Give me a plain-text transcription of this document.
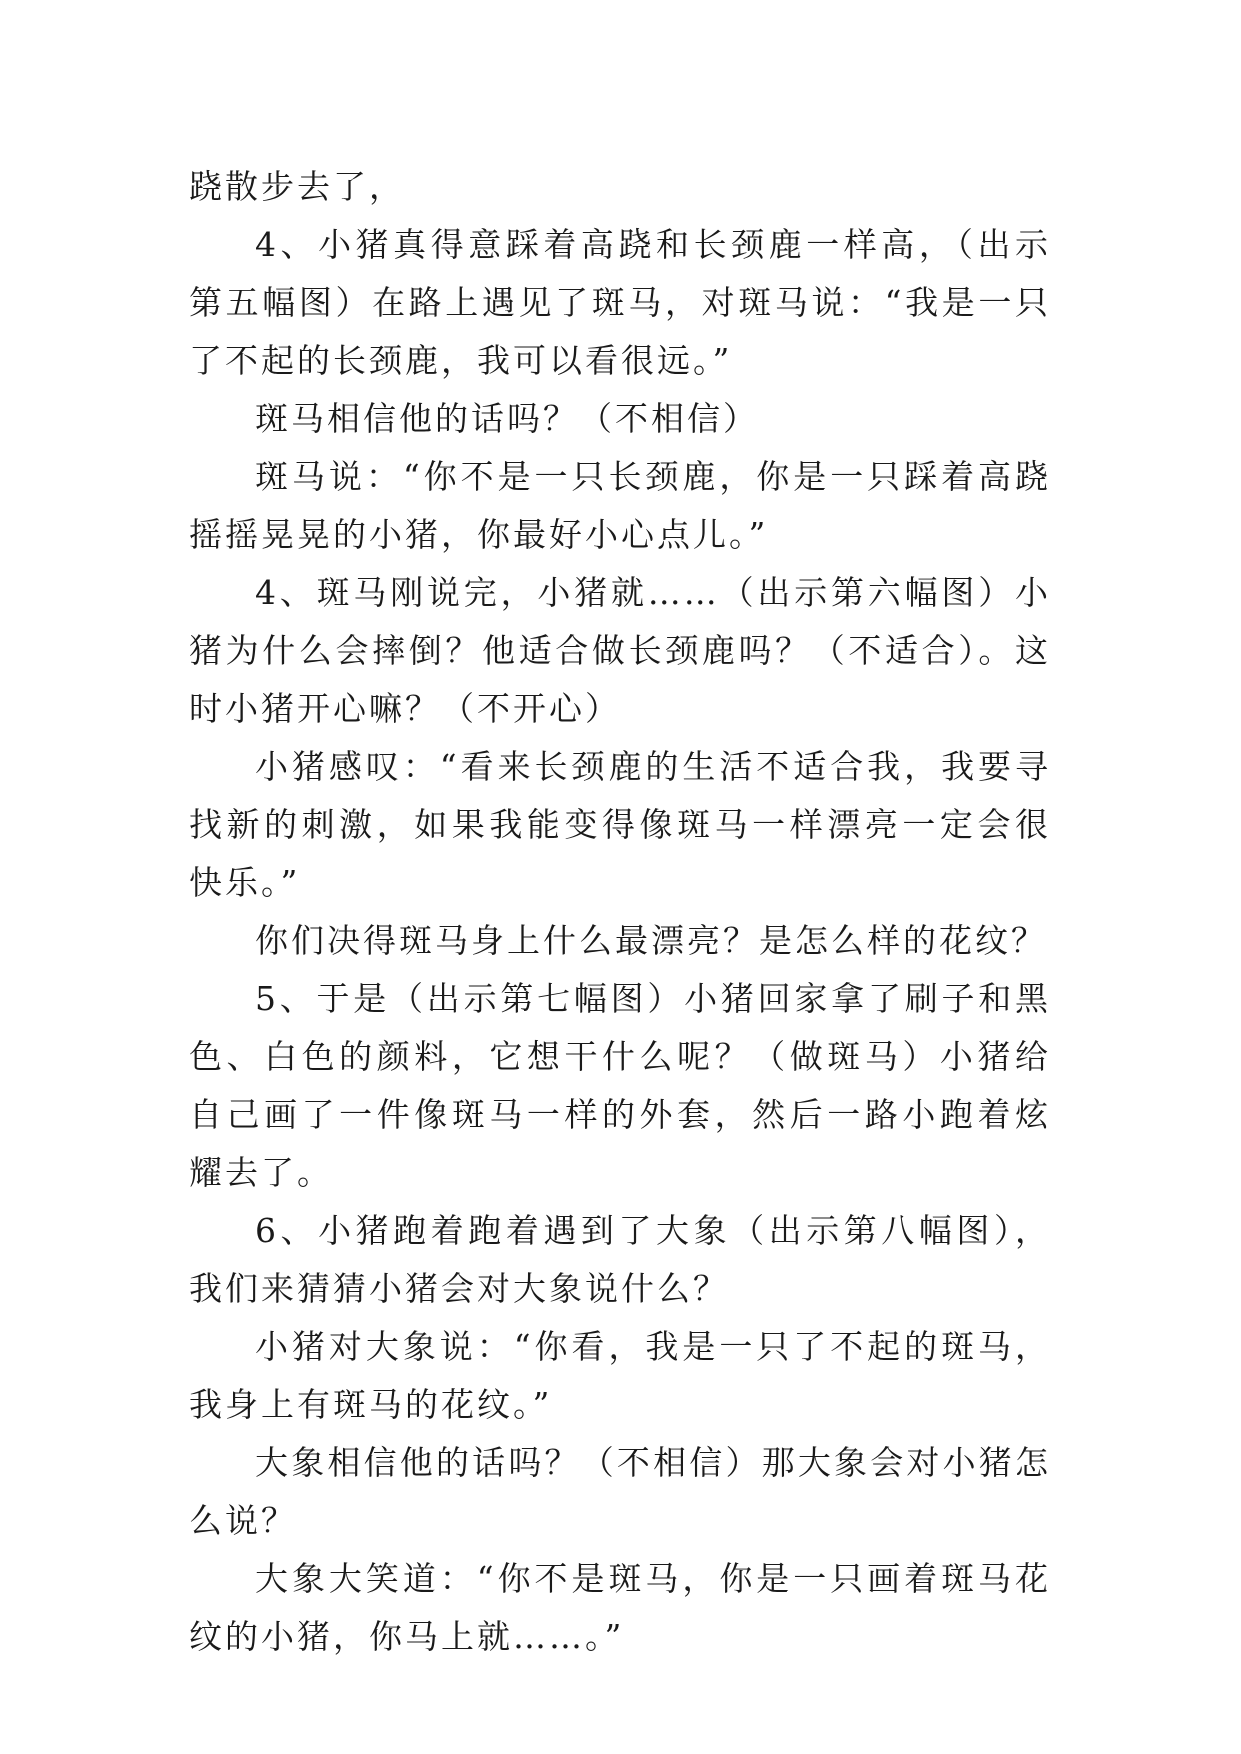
跷散步去了，

4、小猪真得意踩着高跷和长颈鹿一样高，（出示第五幅图）在路上遇见了斑马，对斑马说：“我是一只了不起的长颈鹿，我可以看很远。”

斑马相信他的话吗？（不相信）

斑马说：“你不是一只长颈鹿，你是一只踩着高跷摇摇晃晃的小猪，你最好小心点儿。”

4、斑马刚说完，小猪就……（出示第六幅图）小猪为什么会摔倒？他适合做长颈鹿吗？（不适合）。这时小猪开心嘛？（不开心）

小猪感叹：“看来长颈鹿的生活不适合我，我要寻找新的刺激，如果我能变得像斑马一样漂亮一定会很快乐。”

你们决得斑马身上什么最漂亮？是怎么样的花纹？

5、于是（出示第七幅图）小猪回家拿了刷子和黑色、白色的颜料，它想干什么呢？（做斑马）小猪给自己画了一件像斑马一样的外套，然后一路小跑着炫耀去了。

6、小猪跑着跑着遇到了大象（出示第八幅图），我们来猜猜小猪会对大象说什么？

小猪对大象说：“你看，我是一只了不起的斑马，我身上有斑马的花纹。”

大象相信他的话吗？（不相信）那大象会对小猪怎么说？

大象大笑道：“你不是斑马，你是一只画着斑马花纹的小猪，你马上就……。”
